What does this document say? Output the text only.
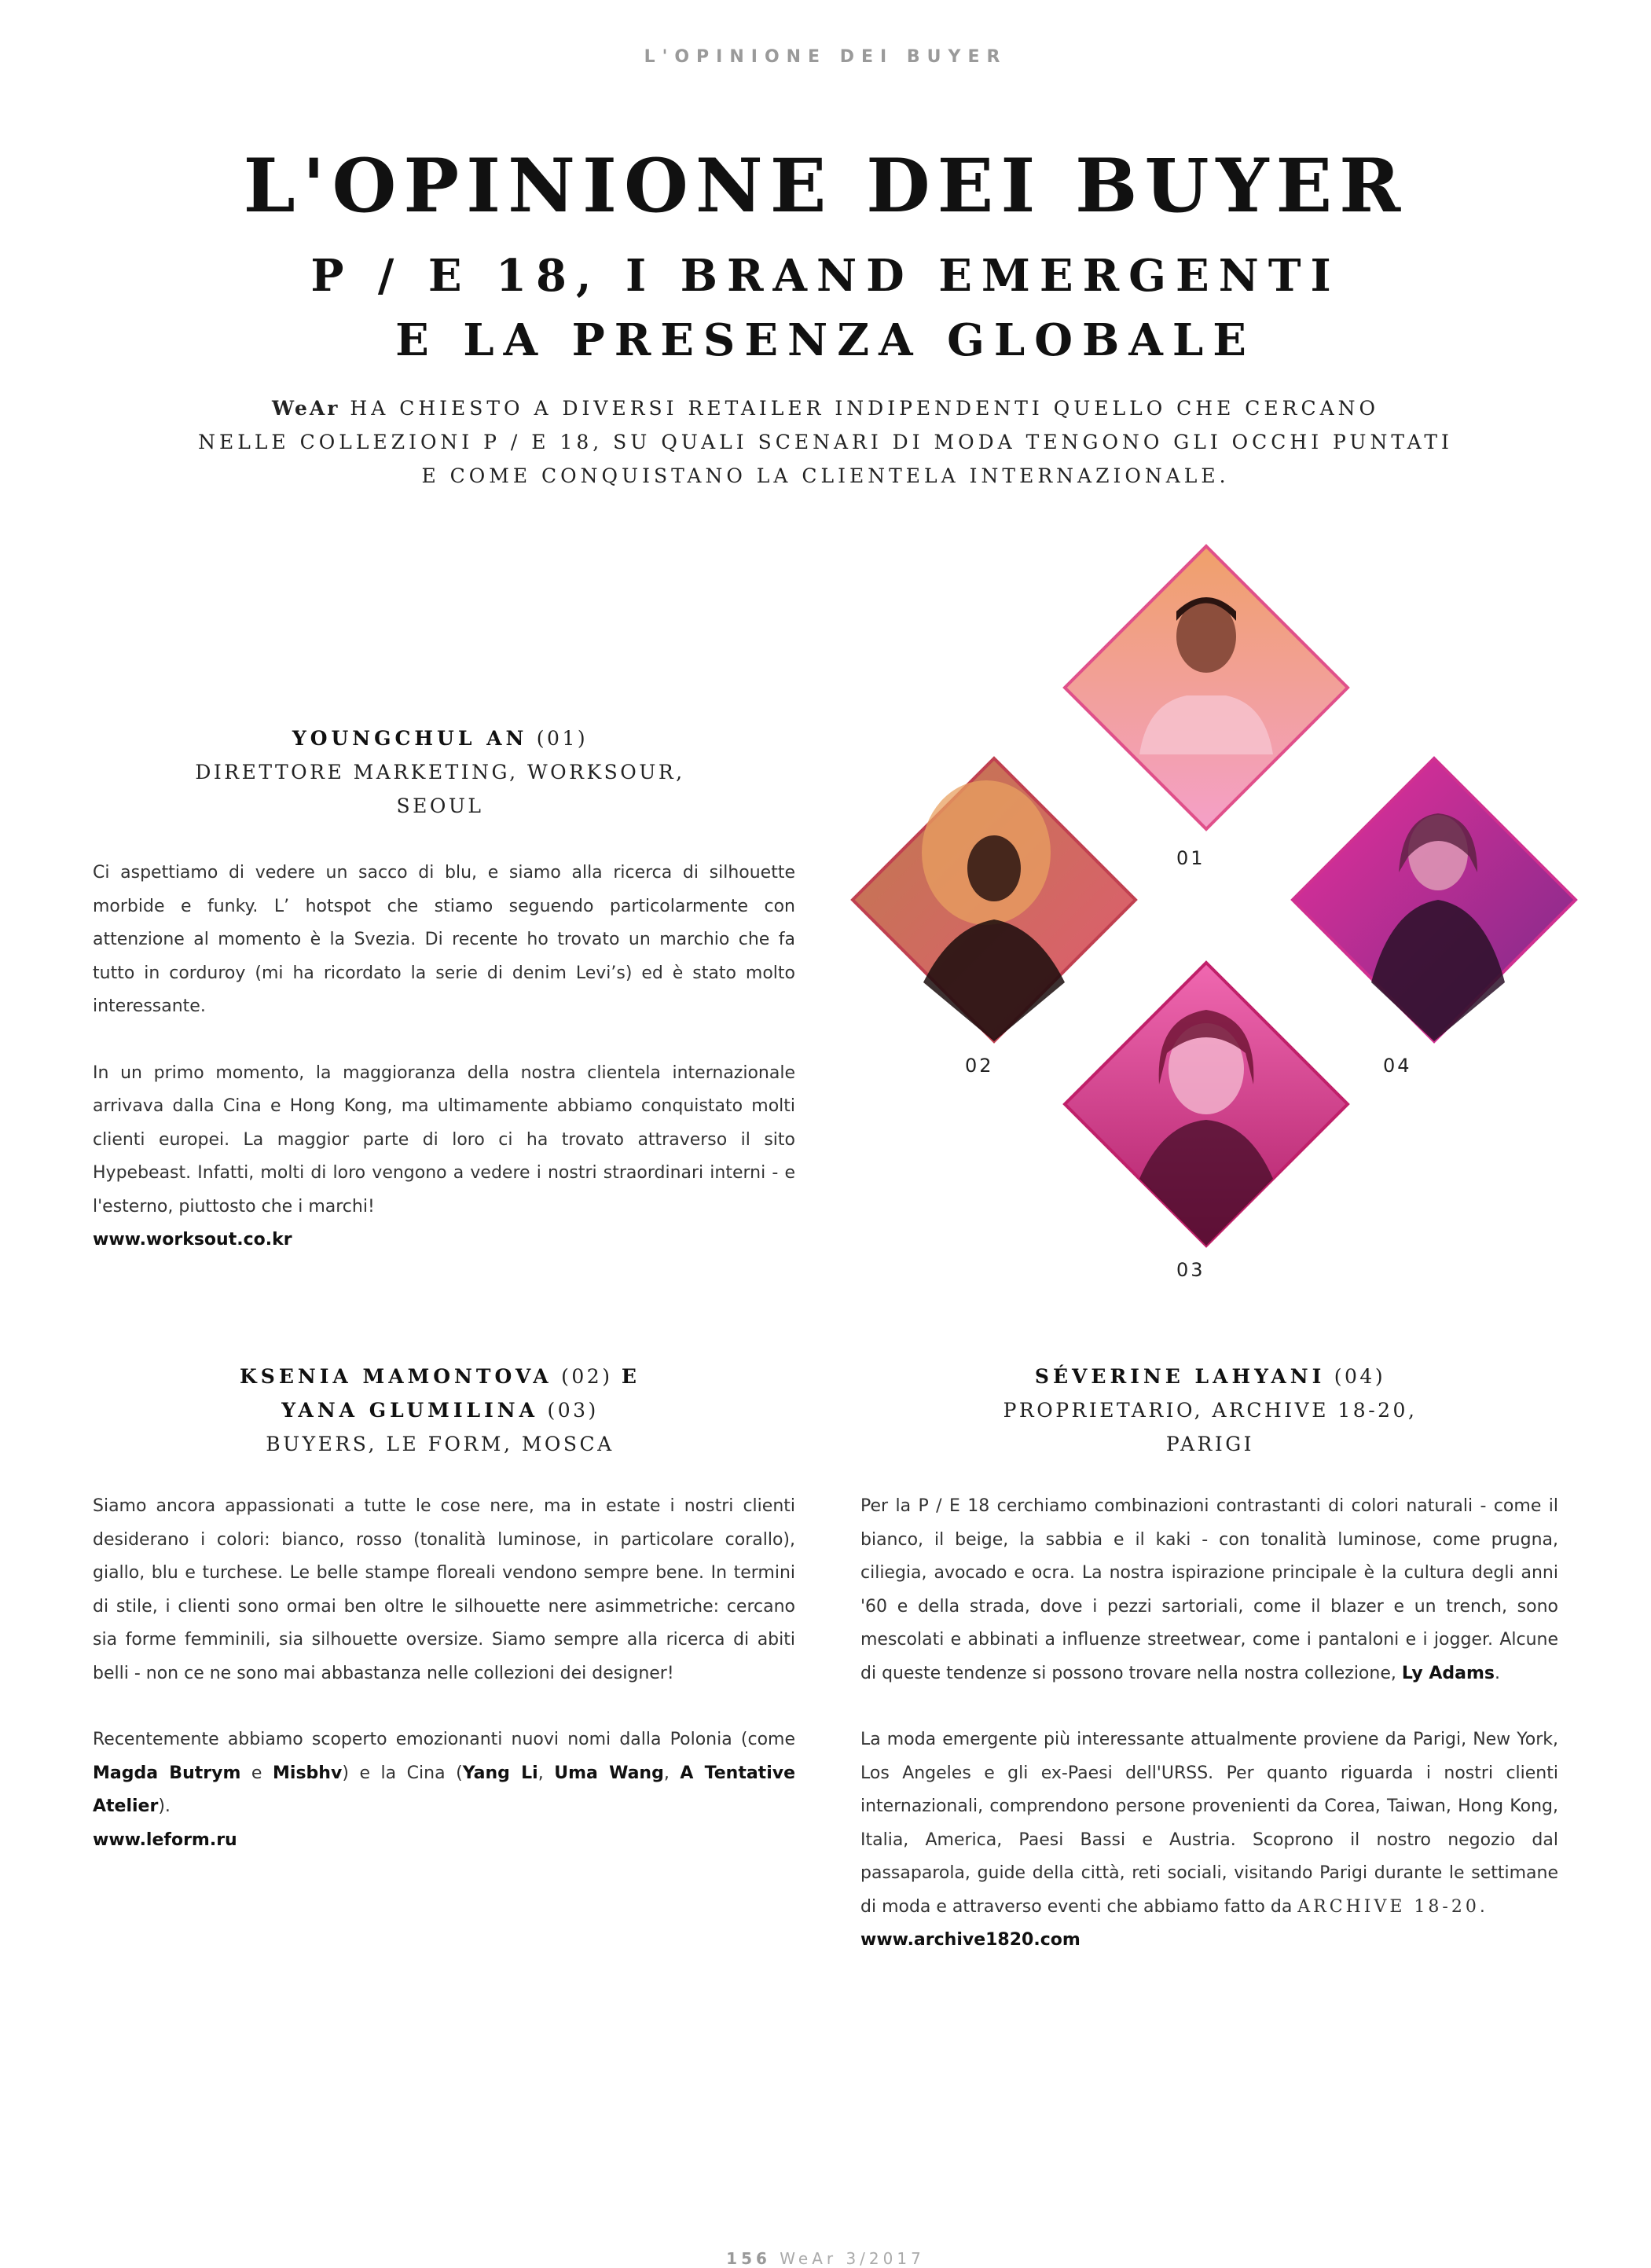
L'OPINIONE DEI BUYER
L'OPINIONE DEI BUYER
P / E 18, I BRAND EMERGENTI
E LA PRESENZA GLOBALE
WeAr HA CHIESTO A DIVERSI RETAILER INDIPENDENTI QUELLO CHE CERCANO
NELLE COLLEZIONI P / E 18, SU QUALI SCENARI DI MODA TENGONO GLI OCCHI PUNTATI
E COME CONQUISTANO LA CLIENTELA INTERNAZIONALE.
YOUNGCHUL AN (01)
DIRETTORE MARKETING, WORKSOUR,
SEOUL

Ci aspettiamo di vedere un sacco di blu, e siamo alla ricerca di silhouette morbide e funky. L’ hotspot che stiamo seguendo particolarmente con attenzione al momento è la Svezia. Di recente ho trovato un marchio che fa tutto in corduroy (mi ha ricordato la serie di denim Levi’s) ed è stato molto interessante.

In un primo momento, la maggioranza della nostra clientela internazionale arrivava dalla Cina e Hong Kong, ma ultimamente abbiamo conquistato molti clienti europei. La maggior parte di loro ci ha trovato attraverso il sito Hypebeast. Infatti, molti di loro vengono a vedere i nostri straordinari interni - e l'esterno, piuttosto che i marchi!

www.worksout.co.kr
01
02
03
04
KSENIA MAMONTOVA (02) E
YANA GLUMILINA (03)
BUYERS, LE FORM, MOSCA

Siamo ancora appassionati a tutte le cose nere, ma in estate i nostri clienti desiderano i colori: bianco, rosso (tonalità luminose, in particolare corallo), giallo, blu e turchese. Le belle stampe floreali vendono sempre bene. In termini di stile, i clienti sono ormai ben oltre le silhouette nere asimmetriche: cercano sia forme femminili, sia silhouette oversize. Siamo sempre alla ricerca di abiti belli - non ce ne sono mai abbastanza nelle collezioni dei designer!

Recentemente abbiamo scoperto emozionanti nuovi nomi dalla Polonia (come Magda Butrym e Misbhv) e la Cina (Yang Li, Uma Wang, A Tentative Atelier).

www.leform.ru
SÉVERINE LAHYANI (04)
PROPRIETARIO, ARCHIVE 18-20,
PARIGI

Per la P / E 18 cerchiamo combinazioni contrastanti di colori naturali - come il bianco, il beige, la sabbia e il kaki - con tonalità luminose, come prugna, ciliegia, avocado e ocra. La nostra ispirazione principale è la cultura degli anni '60 e della strada, dove i pezzi sartoriali, come il blazer e un trench, sono mescolati e abbinati a influenze streetwear, come i pantaloni e i jogger. Alcune di queste tendenze si possono trovare nella nostra collezione, Ly Adams.

La moda emergente più interessante attualmente proviene da Parigi, New York, Los Angeles e gli ex-Paesi dell'URSS. Per quanto riguarda i nostri clienti internazionali, comprendono persone provenienti da Corea, Taiwan, Hong Kong, Italia, America, Paesi Bassi e Austria. Scoprono il nostro negozio dal passaparola, guide della città, reti sociali, visitando Parigi durante le settimane di moda e attraverso eventi che abbiamo fatto da ARCHIVE 18-20.

www.archive1820.com
156 WeAr 3/2017
